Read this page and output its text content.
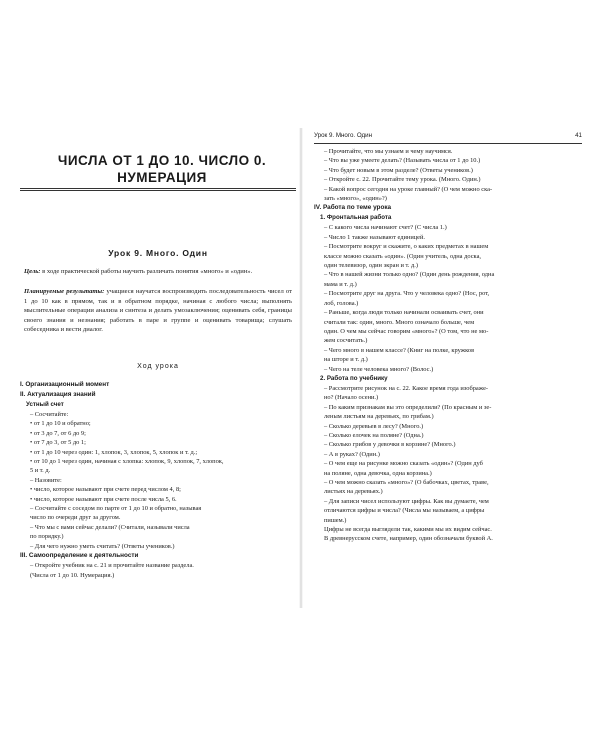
ЧИСЛА ОТ 1 ДО 10. ЧИСЛО 0. НУМЕРАЦИЯ
Урок 9. Много. Один
Цель: в ходе практической работы научить различать понятия «много» и «один».
Планируемые результаты: учащиеся научатся воспроизводить последовательность чисел от 1 до 10 как в прямом, так и в обратном порядке, начиная с любого числа; выполнять мыслительные операции анализа и синтеза и делать умозаключения; оценивать себя, границы своего знания и незнания; работать в паре и группе и оценивать товарища; слушать собеседника и вести диалог.
Ход урока
I. Организационный момент
II. Актуализация знаний
Устный счет
– Сосчитайте:
• от 1 до 10 и обратно;
• от 3 до 7, от 6 до 9;
• от 7 до 3, от 5 до 1;
• от 1 до 10 через один: 1, хлопок, 3, хлопок, 5, хлопок и т. д.;
• от 10 до 1 через один, начиная с хлопка: хлопок, 9, хлопок, 7, хлопок,
5 и т. д.
– Назовите:
• число, которое называют при счете перед числом 4, 8;
• число, которое называют при счете после числа 5, 6.
– Сосчитайте с соседом по парте от 1 до 10 и обратно, называя
число по очереди друг за другом.
– Что мы с вами сейчас делали? (Считали, называли числа
по порядку.)
– Для чего нужно уметь считать? (Ответы учеников.)
III. Самоопределение к деятельности
– Откройте учебник на с. 21 и прочитайте название раздела.
(Числа от 1 до 10. Нумерация.)
Урок 9. Много. Один	41
– Прочитайте, что мы узнаем и чему научимся.
– Что вы уже умеете делать? (Называть числа от 1 до 10.)
– Что будет новым в этом разделе? (Ответы учеников.)
– Откройте с. 22. Прочитайте тему урока. (Много. Один.)
– Какой вопрос сегодня на уроке главный? (О чем можно ска-
зать «много», «один»?)
IV. Работа по теме урока
1. Фронтальная работа
– С какого числа начинают счет? (С числа 1.)
– Число 1 также называют единицей.
– Посмотрите вокруг и скажите, о каких предметах в нашем
классе можно сказать «один». (Один учитель, одна доска,
один телевизор, один экран и т. д.)
– Что в нашей жизни только одно? (Один день рождения, одна
мама и т. д.)
– Посмотрите друг на друга. Что у человека одно? (Нос, рот,
лоб, голова.)
– Раньше, когда люди только начинали осваивать счет, они
считали так: один, много. Много означало больше, чем
один. О чем мы сейчас говорим «много»? (О том, что не мо-
жем сосчитать.)
– Чего много в нашем классе? (Книг на полке, кружков
на шторе и т. д.)
– Чего на теле человека много? (Волос.)
2. Работа по учебнику
– Рассмотрите рисунок на с. 22. Какое время года изображе-
но? (Начало осени.)
– По каким признакам вы это определили? (По красным и зе-
леным листьям на деревьях, по грибам.)
– Сколько деревьев в лесу? (Много.)
– Сколько елочек на поляне? (Одна.)
– Сколько грибов у девочки в корзине? (Много.)
– А в руках? (Один.)
– О чем еще на рисунке можно сказать «один»? (Один дуб
на поляне, одна девочка, одна корзина.)
– О чем можно сказать «много»? (О бабочках, цветах, траве,
листьях на деревьях.)
– Для записи чисел используют цифры. Как вы думаете, чем
отличаются цифры и числа? (Числа мы называем, а цифры
пишем.)
Цифры не всегда выглядели так, какими мы их видим сейчас.
В древнерусском счете, например, один обозначали буквой А.
